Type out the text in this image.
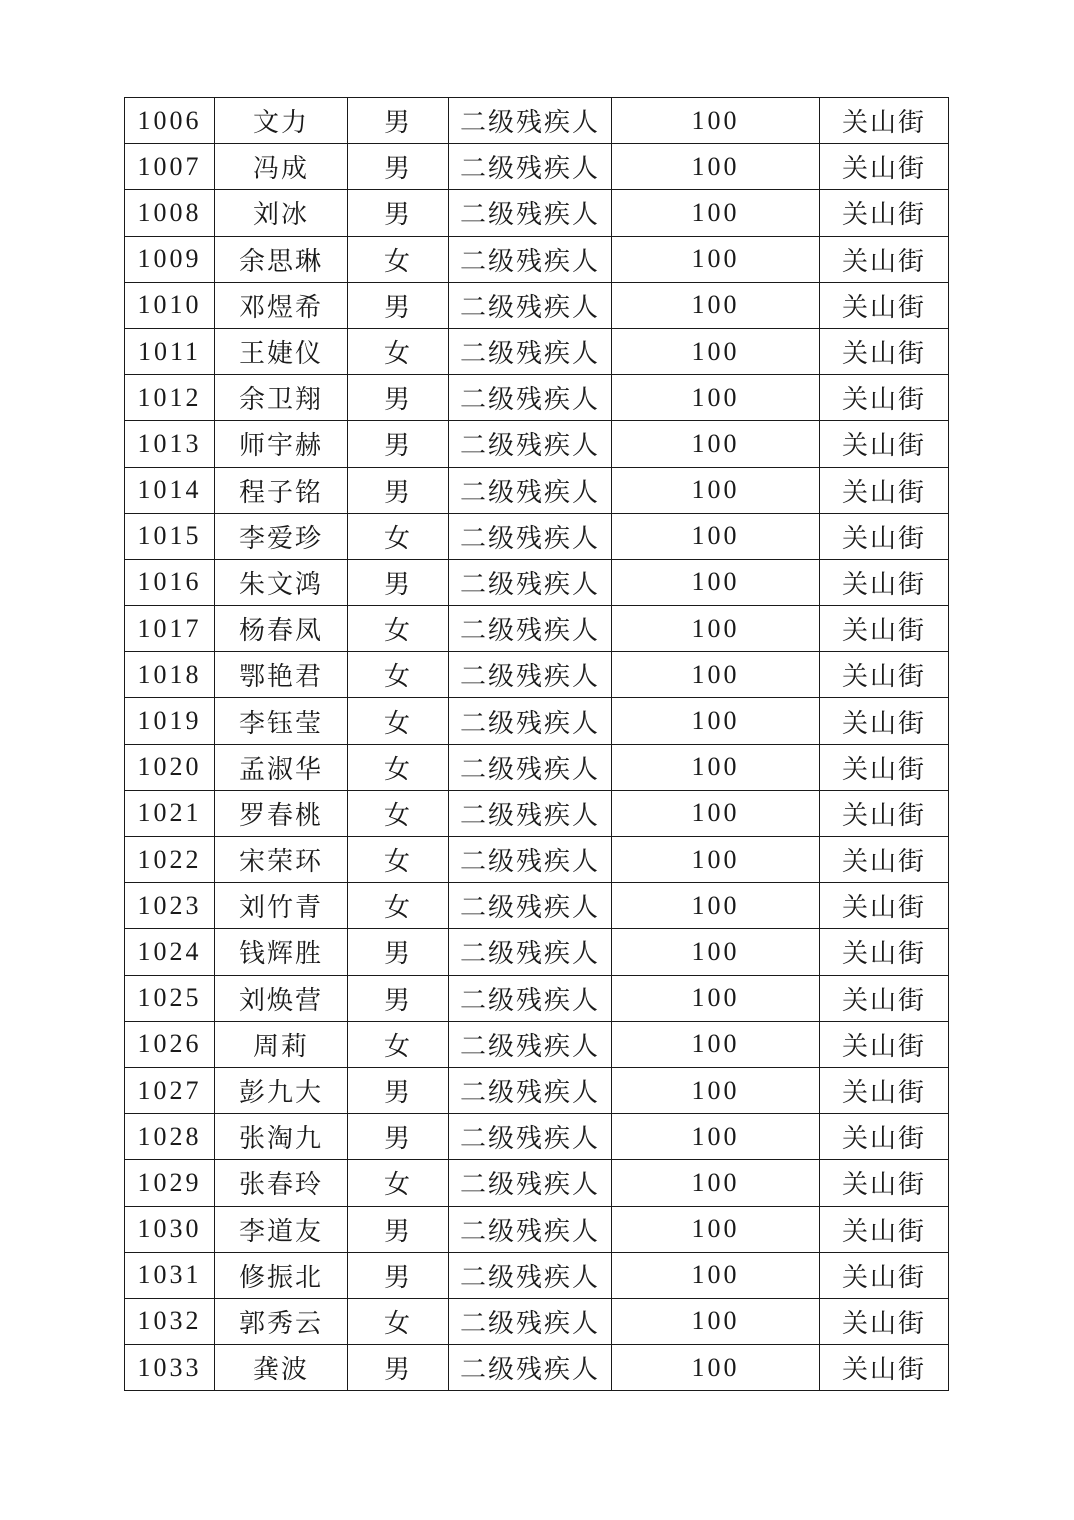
1006	文力	男	二级残疾人	100	关山街
1007	冯成	男	二级残疾人	100	关山街
1008	刘冰	男	二级残疾人	100	关山街
1009	余思琳	女	二级残疾人	100	关山街
1010	邓煜希	男	二级残疾人	100	关山街
1011	王婕仪	女	二级残疾人	100	关山街
1012	余卫翔	男	二级残疾人	100	关山街
1013	师宇赫	男	二级残疾人	100	关山街
1014	程子铭	男	二级残疾人	100	关山街
1015	李爱珍	女	二级残疾人	100	关山街
1016	朱文鸿	男	二级残疾人	100	关山街
1017	杨春凤	女	二级残疾人	100	关山街
1018	鄂艳君	女	二级残疾人	100	关山街
1019	李钰莹	女	二级残疾人	100	关山街
1020	孟淑华	女	二级残疾人	100	关山街
1021	罗春桃	女	二级残疾人	100	关山街
1022	宋荣环	女	二级残疾人	100	关山街
1023	刘竹青	女	二级残疾人	100	关山街
1024	钱辉胜	男	二级残疾人	100	关山街
1025	刘焕营	男	二级残疾人	100	关山街
1026	周莉	女	二级残疾人	100	关山街
1027	彭九大	男	二级残疾人	100	关山街
1028	张淘九	男	二级残疾人	100	关山街
1029	张春玲	女	二级残疾人	100	关山街
1030	李道友	男	二级残疾人	100	关山街
1031	修振北	男	二级残疾人	100	关山街
1032	郭秀云	女	二级残疾人	100	关山街
1033	龚波	男	二级残疾人	100	关山街
